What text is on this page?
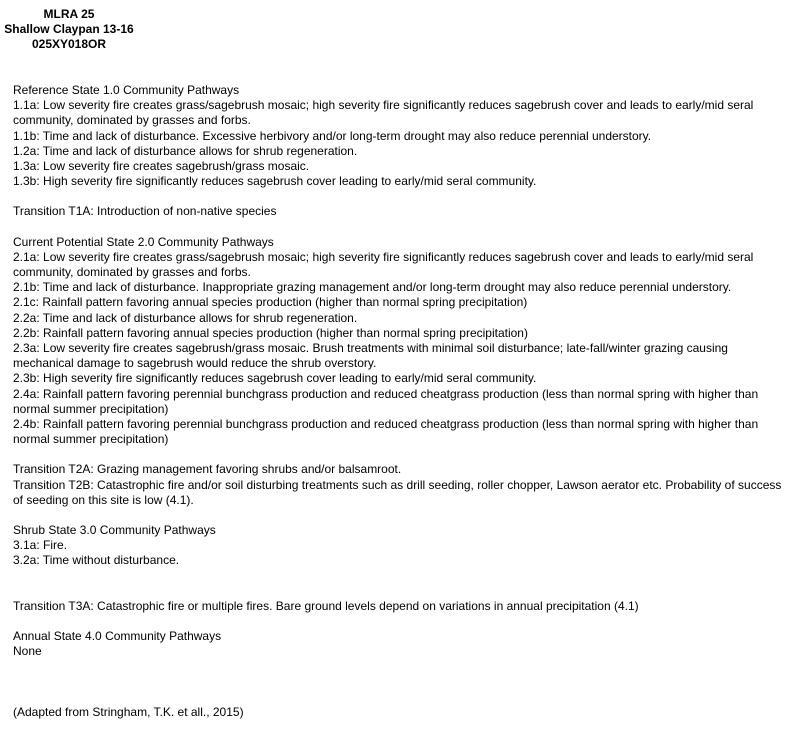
MLRA 25
Shallow Claypan 13-16
025XY018OR

Reference State 1.0 Community Pathways

1.1a: Low severity fire creates grass/sagebrush mosaic; high severity fire significantly reduces sagebrush cover and leads to early/mid seral community, dominated by grasses and forbs.

1.1b: Time and lack of disturbance. Excessive herbivory and/or long-term drought may also reduce perennial understory.

1.2a: Time and lack of disturbance allows for shrub regeneration.

1.3a: Low severity fire creates sagebrush/grass mosaic.

1.3b: High severity fire significantly reduces sagebrush cover leading to early/mid seral community.

Transition T1A: Introduction of non-native species

Current Potential State 2.0 Community Pathways

2.1a: Low severity fire creates grass/sagebrush mosaic; high severity fire significantly reduces sagebrush cover and leads to early/mid seral community, dominated by grasses and forbs.

2.1b: Time and lack of disturbance. Inappropriate grazing management and/or long-term drought may also reduce perennial understory.

2.1c: Rainfall pattern favoring annual species production (higher than normal spring precipitation)

2.2a: Time and lack of disturbance allows for shrub regeneration.

2.2b: Rainfall pattern favoring annual species production (higher than normal spring precipitation)

2.3a: Low severity fire creates sagebrush/grass mosaic. Brush treatments with minimal soil disturbance; late-fall/winter grazing causing mechanical damage to sagebrush would reduce the shrub overstory.

2.3b: High severity fire significantly reduces sagebrush cover leading to early/mid seral community.

2.4a: Rainfall pattern favoring perennial bunchgrass production and reduced cheatgrass production (less than normal spring with higher than normal summer precipitation)

2.4b: Rainfall pattern favoring perennial bunchgrass production and reduced cheatgrass production (less than normal spring with higher than normal summer precipitation)

Transition T2A: Grazing management favoring shrubs and/or balsamroot.

Transition T2B: Catastrophic fire and/or soil disturbing treatments such as drill seeding, roller chopper, Lawson aerator etc. Probability of success of seeding on this site is low (4.1).

Shrub State 3.0 Community Pathways

3.1a: Fire.

3.2a: Time without disturbance.

Transition T3A: Catastrophic fire or multiple fires. Bare ground levels depend on variations in annual precipitation (4.1)

Annual State 4.0 Community Pathways

None

(Adapted from Stringham, T.K. et all., 2015)
